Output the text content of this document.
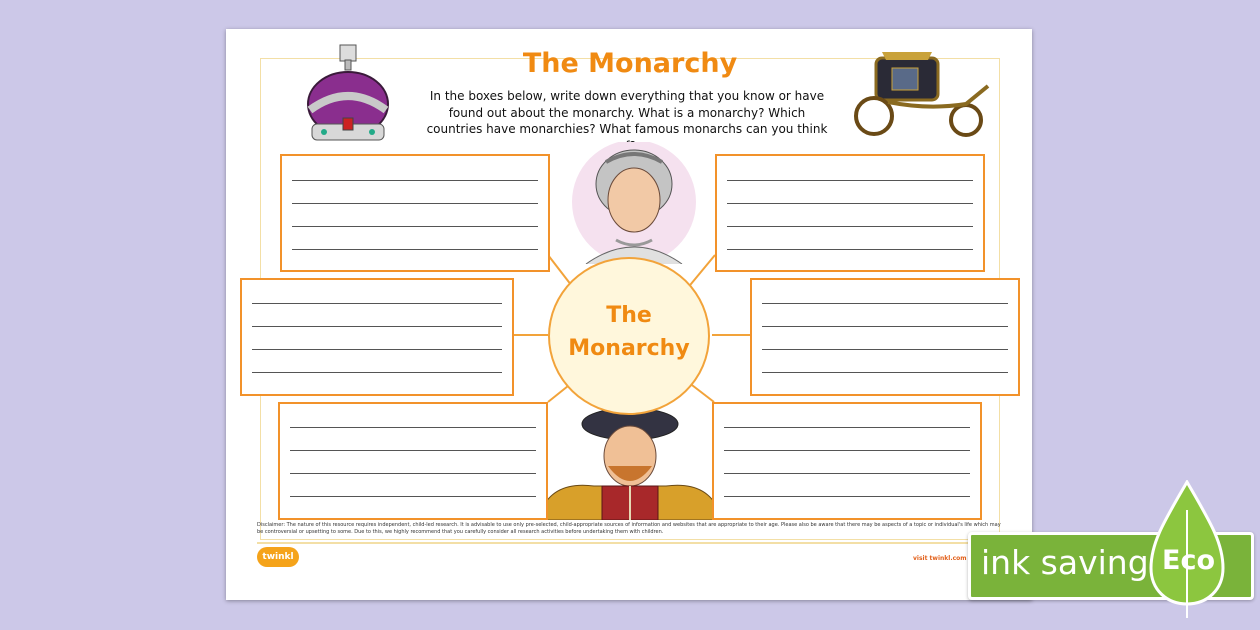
The Monarchy
In the boxes below, write down everything that you know or have found out about the monarchy. What is a monarchy? Which countries have monarchies? What famous monarchs can you think
The
Monarchy
Disclaimer: The nature of this resource requires independent, child-led research. It is advisable to use only pre-selected, child-appropriate sources of information and websites that are appropriate to their age. Please also be aware that there may be aspects of a topic or individual's life which may be controversial or upsetting to some. Due to this, we highly recommend that you carefully consider all research activities before undertaking them with children.
twinkl	visit twinkl.com ink saving Eco
